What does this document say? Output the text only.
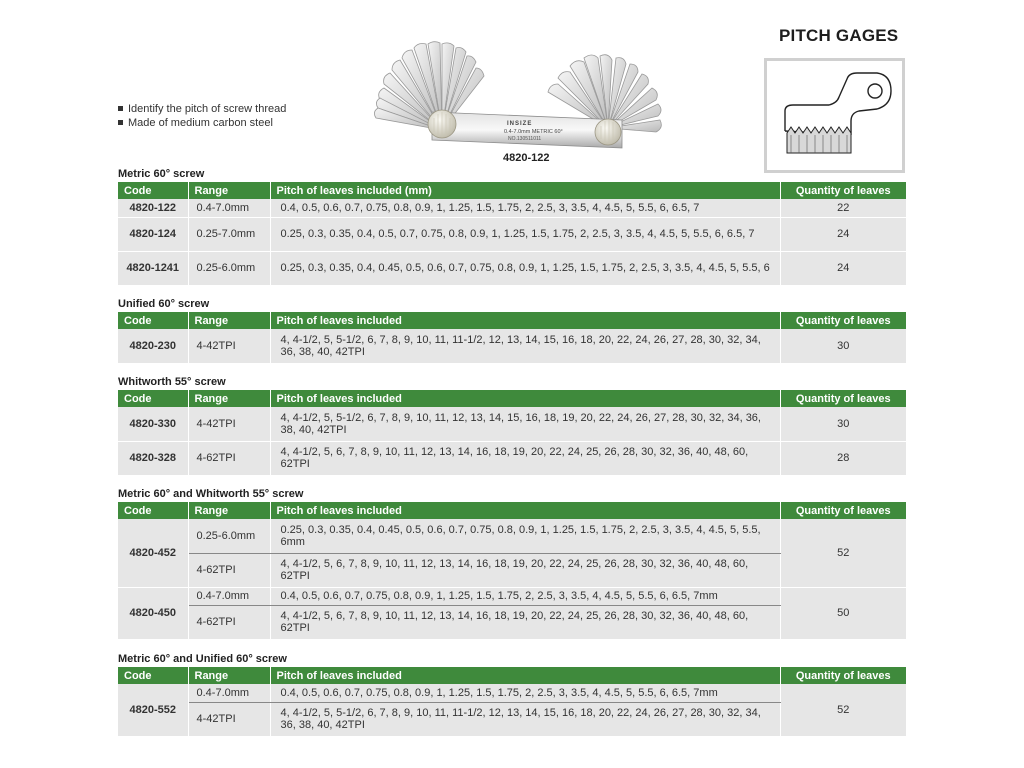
PITCH GAGES
Identify the pitch of screw thread
Made of medium carbon steel	INSIZE
0.4-7.0mm METRIC 60°
NO.130511011
4820-122
Metric 60° screw
Code	Range	Pitch of leaves included (mm)	Quantity of leaves
4820-122	0.4-7.0mm	0.4, 0.5, 0.6, 0.7, 0.75, 0.8, 0.9, 1, 1.25, 1.5, 1.75, 2, 2.5, 3, 3.5, 4, 4.5, 5, 5.5, 6, 6.5, 7	22
4820-124	0.25-7.0mm	0.25, 0.3, 0.35, 0.4, 0.5, 0.7, 0.75, 0.8, 0.9, 1, 1.25, 1.5, 1.75, 2, 2.5, 3, 3.5, 4, 4.5, 5, 5.5, 6, 6.5, 7	24
4820-1241	0.25-6.0mm	0.25, 0.3, 0.35, 0.4, 0.45, 0.5, 0.6, 0.7, 0.75, 0.8, 0.9, 1, 1.25, 1.5, 1.75, 2, 2.5, 3, 3.5, 4, 4.5, 5, 5.5, 6	24
Unified 60° screw
Code	Range	Pitch of leaves included	Quantity of leaves
4820-230	4-42TPI	4, 4-1/2, 5, 5-1/2, 6, 7, 8, 9, 10, 11, 11-1/2, 12, 13, 14, 15, 16, 18, 20, 22, 24, 26, 27, 28, 30, 32, 34, 36, 38, 40, 42TPI	30
Whitworth 55° screw
Code	Range	Pitch of leaves included	Quantity of leaves
4820-330	4-42TPI	4, 4-1/2, 5, 5-1/2, 6, 7, 8, 9, 10, 11, 12, 13, 14, 15, 16, 18, 19, 20, 22, 24, 26, 27, 28, 30, 32, 34, 36, 38, 40, 42TPI	30
4820-328	4-62TPI	4, 4-1/2, 5, 6, 7, 8, 9, 10, 11, 12, 13, 14, 16, 18, 19, 20, 22, 24, 25, 26, 28, 30, 32, 36, 40, 48, 60, 62TPI	28
Metric 60° and Whitworth 55° screw
Code	Range	Pitch of leaves included	Quantity of leaves
4820-452	0.25-6.0mm	0.25, 0.3, 0.35, 0.4, 0.45, 0.5, 0.6, 0.7, 0.75, 0.8, 0.9, 1, 1.25, 1.5, 1.75, 2, 2.5, 3, 3.5, 4, 4.5, 5, 5.5, 6mm	52
	4-62TPI	4, 4-1/2, 5, 6, 7, 8, 9, 10, 11, 12, 13, 14, 16, 18, 19, 20, 22, 24, 25, 26, 28, 30, 32, 36, 40, 48, 60, 62TPI	
4820-450	0.4-7.0mm	0.4, 0.5, 0.6, 0.7, 0.75, 0.8, 0.9, 1, 1.25, 1.5, 1.75, 2, 2.5, 3, 3.5, 4, 4.5, 5, 5.5, 6, 6.5, 7mm	50
	4-62TPI	4, 4-1/2, 5, 6, 7, 8, 9, 10, 11, 12, 13, 14, 16, 18, 19, 20, 22, 24, 25, 26, 28, 30, 32, 36, 40, 48, 60, 62TPI	
Metric 60° and Unified 60° screw
Code	Range	Pitch of leaves included	Quantity of leaves
4820-552	0.4-7.0mm	0.4, 0.5, 0.6, 0.7, 0.75, 0.8, 0.9, 1, 1.25, 1.5, 1.75, 2, 2.5, 3, 3.5, 4, 4.5, 5, 5.5, 6, 6.5, 7mm	52
	4-42TPI	4, 4-1/2, 5, 5-1/2, 6, 7, 8, 9, 10, 11, 11-1/2, 12, 13, 14, 15, 16, 18, 20, 22, 24, 26, 27, 28, 30, 32, 34, 36, 38, 40, 42TPI	
